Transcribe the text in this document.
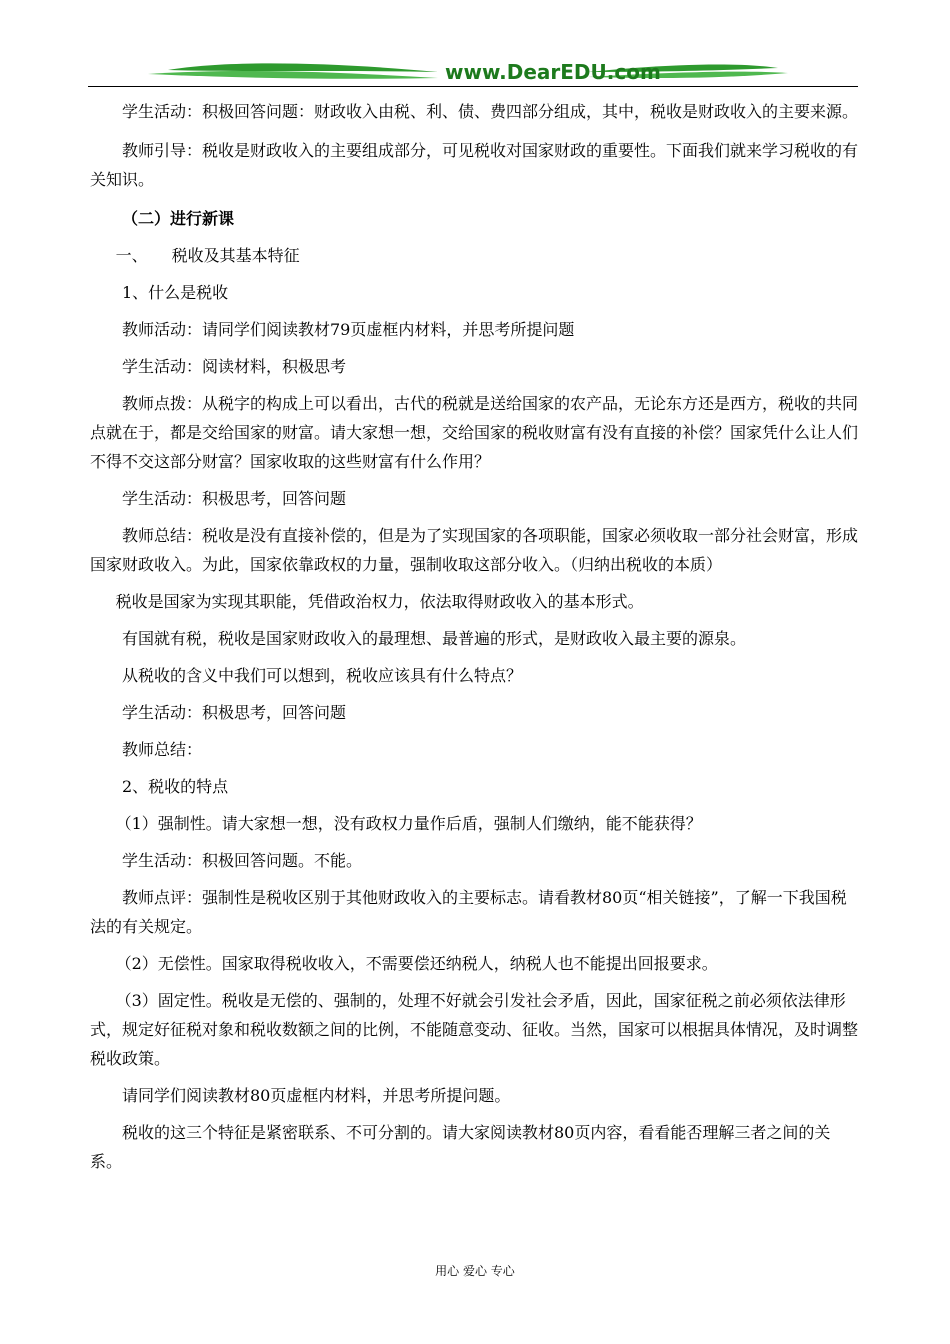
www.DearEDU.com

学生活动：积极回答问题：财政收入由税、利、债、费四部分组成，其中，税收是财政收入的主要来源。

教师引导：税收是财政收入的主要组成部分，可见税收对国家财政的重要性。下面我们就来学习税收的有关知识。

（二）进行新课

一、　　税收及其基本特征

1、什么是税收

教师活动：请同学们阅读教材79页虚框内材料，并思考所提问题

学生活动：阅读材料，积极思考

教师点拨：从税字的构成上可以看出，古代的税就是送给国家的农产品，无论东方还是西方，税收的共同点就在于，都是交给国家的财富。请大家想一想，交给国家的税收财富有没有直接的补偿？国家凭什么让人们不得不交这部分财富？国家收取的这些财富有什么作用？

学生活动：积极思考，回答问题

教师总结：税收是没有直接补偿的，但是为了实现国家的各项职能，国家必须收取一部分社会财富，形成国家财政收入。为此，国家依靠政权的力量，强制收取这部分收入。（归纳出税收的本质）

税收是国家为实现其职能，凭借政治权力，依法取得财政收入的基本形式。

有国就有税，税收是国家财政收入的最理想、最普遍的形式，是财政收入最主要的源泉。

从税收的含义中我们可以想到，税收应该具有什么特点？

学生活动：积极思考，回答问题

教师总结：

2、税收的特点

（1）强制性。请大家想一想，没有政权力量作后盾，强制人们缴纳，能不能获得？

学生活动：积极回答问题。不能。

教师点评：强制性是税收区别于其他财政收入的主要标志。请看教材80页“相关链接”，了解一下我国税法的有关规定。

（2）无偿性。国家取得税收收入，不需要偿还纳税人，纳税人也不能提出回报要求。

（3）固定性。税收是无偿的、强制的，处理不好就会引发社会矛盾，因此，国家征税之前必须依法律形式，规定好征税对象和税收数额之间的比例，不能随意变动、征收。当然，国家可以根据具体情况，及时调整税收政策。

请同学们阅读教材80页虚框内材料，并思考所提问题。

税收的这三个特征是紧密联系、不可分割的。请大家阅读教材80页内容，看看能否理解三者之间的关系。

用心 爱心 专心
